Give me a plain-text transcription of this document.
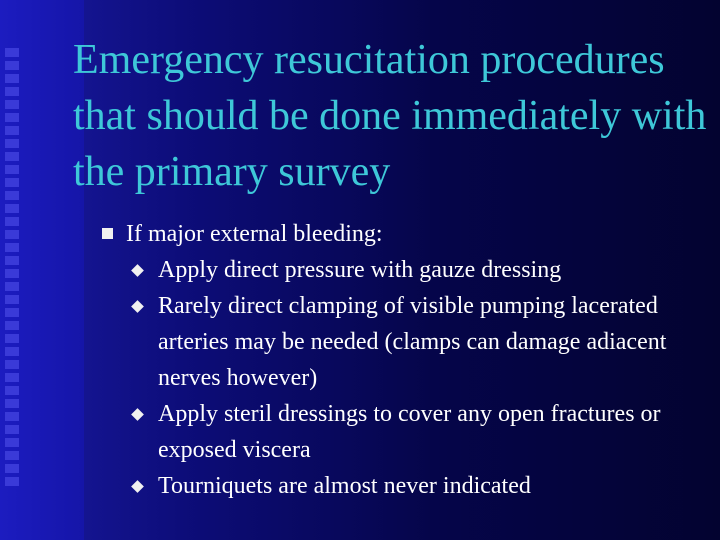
Emergency resucitation procedures that should be done immediately with the primary survey
If major external bleeding:
Apply direct pressure with gauze dressing
Rarely direct clamping of visible pumping lacerated arteries may be needed (clamps can damage adiacent nerves however)
Apply steril dressings to cover any open fractures or exposed viscera
Tourniquets are almost never indicated
